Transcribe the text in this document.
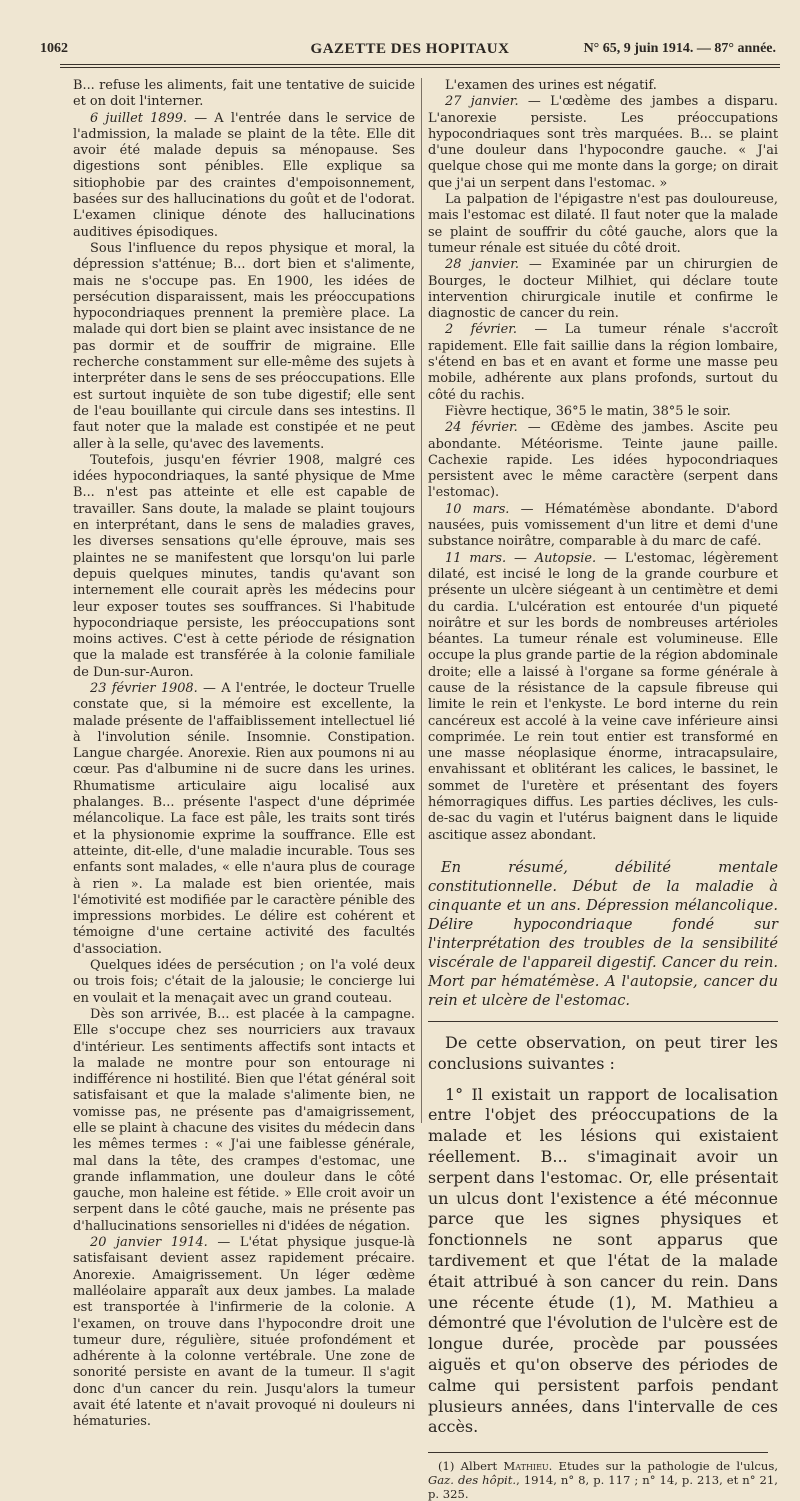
1062	GAZETTE DES HOPITAUX	N° 65, 9 juin 1914. — 87° année.

B... refuse les aliments, fait une tentative de suicide et on doit l'interner.

6 juillet 1899. — A l'entrée dans le service de l'admission, la malade se plaint de la tête. Elle dit avoir été malade depuis sa ménopause. Ses digestions sont pénibles. Elle explique sa sitiophobie par des craintes d'empoisonnement, basées sur des hallucinations du goût et de l'odorat. L'examen clinique dénote des hallucinations auditives épisodiques.

Sous l'influence du repos physique et moral, la dépression s'atténue; B... dort bien et s'alimente, mais ne s'occupe pas. En 1900, les idées de persécution disparaissent, mais les préoccupations hypocondriaques prennent la première place. La malade qui dort bien se plaint avec insistance de ne pas dormir et de souffrir de migraine. Elle recherche constamment sur elle-même des sujets à interpréter dans le sens de ses préoccupations. Elle est surtout inquiète de son tube digestif; elle sent de l'eau bouillante qui circule dans ses intestins. Il faut noter que la malade est constipée et ne peut aller à la selle, qu'avec des lavements.

Toutefois, jusqu'en février 1908, malgré ces idées hypocondriaques, la santé physique de Mme B... n'est pas atteinte et elle est capable de travailler. Sans doute, la malade se plaint toujours en interprétant, dans le sens de maladies graves, les diverses sensations qu'elle éprouve, mais ses plaintes ne se manifestent que lorsqu'on lui parle depuis quelques minutes, tandis qu'avant son internement elle courait après les médecins pour leur exposer toutes ses souffrances. Si l'habitude hypocondriaque persiste, les préoccupations sont moins actives. C'est à cette période de résignation que la malade est transférée à la colonie familiale de Dun-sur-Auron.

23 février 1908. — A l'entrée, le docteur Truelle constate que, si la mémoire est excellente, la malade présente de l'affaiblissement intellectuel lié à l'involution sénile. Insomnie. Constipation. Langue chargée. Anorexie. Rien aux poumons ni au cœur. Pas d'albumine ni de sucre dans les urines. Rhumatisme articulaire aigu localisé aux phalanges. B... présente l'aspect d'une déprimée mélancolique. La face est pâle, les traits sont tirés et la physionomie exprime la souffrance. Elle est atteinte, dit-elle, d'une maladie incurable. Tous ses enfants sont malades, « elle n'aura plus de courage à rien ». La malade est bien orientée, mais l'émotivité est modifiée par le caractère pénible des impressions morbides. Le délire est cohérent et témoigne d'une certaine activité des facultés d'association.

Quelques idées de persécution ; on l'a volé deux ou trois fois; c'était de la jalousie; le concierge lui en voulait et la menaçait avec un grand couteau.

Dès son arrivée, B... est placée à la campagne. Elle s'occupe chez ses nourriciers aux travaux d'intérieur. Les sentiments affectifs sont intacts et la malade ne montre pour son entourage ni indifférence ni hostilité. Bien que l'état général soit satisfaisant et que la malade s'alimente bien, ne vomisse pas, ne présente pas d'amaigrissement, elle se plaint à chacune des visites du médecin dans les mêmes termes : « J'ai une faiblesse générale, mal dans la tête, des crampes d'estomac, une grande inflammation, une douleur dans le côté gauche, mon haleine est fétide. » Elle croit avoir un serpent dans le côté gauche, mais ne présente pas d'hallucinations sensorielles ni d'idées de négation.

20 janvier 1914. — L'état physique jusque-là satisfaisant devient assez rapidement précaire. Anorexie. Amaigrissement. Un léger œdème malléolaire apparaît aux deux jambes. La malade est transportée à l'infirmerie de la colonie. A l'examen, on trouve dans l'hypocondre droit une tumeur dure, régulière, située profondément et adhérente à la colonne vertébrale. Une zone de sonorité persiste en avant de la tumeur. Il s'agit donc d'un cancer du rein. Jusqu'alors la tumeur avait été latente et n'avait provoqué ni douleurs ni hématuries.

L'examen des urines est négatif.

27 janvier. — L'œdème des jambes a disparu. L'anorexie persiste. Les préoccupations hypocondriaques sont très marquées. B... se plaint d'une douleur dans l'hypocondre gauche. « J'ai quelque chose qui me monte dans la gorge; on dirait que j'ai un serpent dans l'estomac. »

La palpation de l'épigastre n'est pas douloureuse, mais l'estomac est dilaté. Il faut noter que la malade se plaint de souffrir du côté gauche, alors que la tumeur rénale est située du côté droit.

28 janvier. — Examinée par un chirurgien de Bourges, le docteur Milhiet, qui déclare toute intervention chirurgicale inutile et confirme le diagnostic de cancer du rein.

2 février. — La tumeur rénale s'accroît rapidement. Elle fait saillie dans la région lombaire, s'étend en bas et en avant et forme une masse peu mobile, adhérente aux plans profonds, surtout du côté du rachis.

Fièvre hectique, 36°5 le matin, 38°5 le soir.

24 février. — Œdème des jambes. Ascite peu abondante. Météorisme. Teinte jaune paille. Cachexie rapide. Les idées hypocondriaques persistent avec le même caractère (serpent dans l'estomac).

10 mars. — Hématémèse abondante. D'abord nausées, puis vomissement d'un litre et demi d'une substance noirâtre, comparable à du marc de café.

11 mars. — Autopsie. — L'estomac, légèrement dilaté, est incisé le long de la grande courbure et présente un ulcère siégeant à un centimètre et demi du cardia. L'ulcération est entourée d'un piqueté noirâtre et sur les bords de nombreuses artérioles béantes. La tumeur rénale est volumineuse. Elle occupe la plus grande partie de la région abdominale droite; elle a laissé à l'organe sa forme générale à cause de la résistance de la capsule fibreuse qui limite le rein et l'enkyste. Le bord interne du rein cancéreux est accolé à la veine cave inférieure ainsi comprimée. Le rein tout entier est transformé en une masse néoplasique énorme, intracapsulaire, envahissant et oblitérant les calices, le bassinet, le sommet de l'uretère et présentant des foyers hémorragiques diffus. Les parties déclives, les culs-de-sac du vagin et l'utérus baignent dans le liquide ascitique assez abondant.

En résumé, débilité mentale constitutionnelle. Début de la maladie à cinquante et un ans. Dépression mélancolique. Délire hypocondriaque fondé sur l'interprétation des troubles de la sensibilité viscérale de l'appareil digestif. Cancer du rein. Mort par hématémèse. A l'autopsie, cancer du rein et ulcère de l'estomac.

De cette observation, on peut tirer les conclusions suivantes :

1° Il existait un rapport de localisation entre l'objet des préoccupations de la malade et les lésions qui existaient réellement. B... s'imaginait avoir un serpent dans l'estomac. Or, elle présentait un ulcus dont l'existence a été méconnue parce que les signes physiques et fonctionnels ne sont apparus que tardivement et que l'état de la malade était attribué à son cancer du rein. Dans une récente étude (1), M. Mathieu a démontré que l'évolution de l'ulcère est de longue durée, procède par poussées aiguës et qu'on observe des périodes de calme qui persistent parfois pendant plusieurs années, dans l'intervalle de ces accès.

(1) Albert Mathieu. Etudes sur la pathologie de l'ulcus, Gaz. des hôpit., 1914, n° 8, p. 117 ; n° 14, p. 213, et n° 21, p. 325.
